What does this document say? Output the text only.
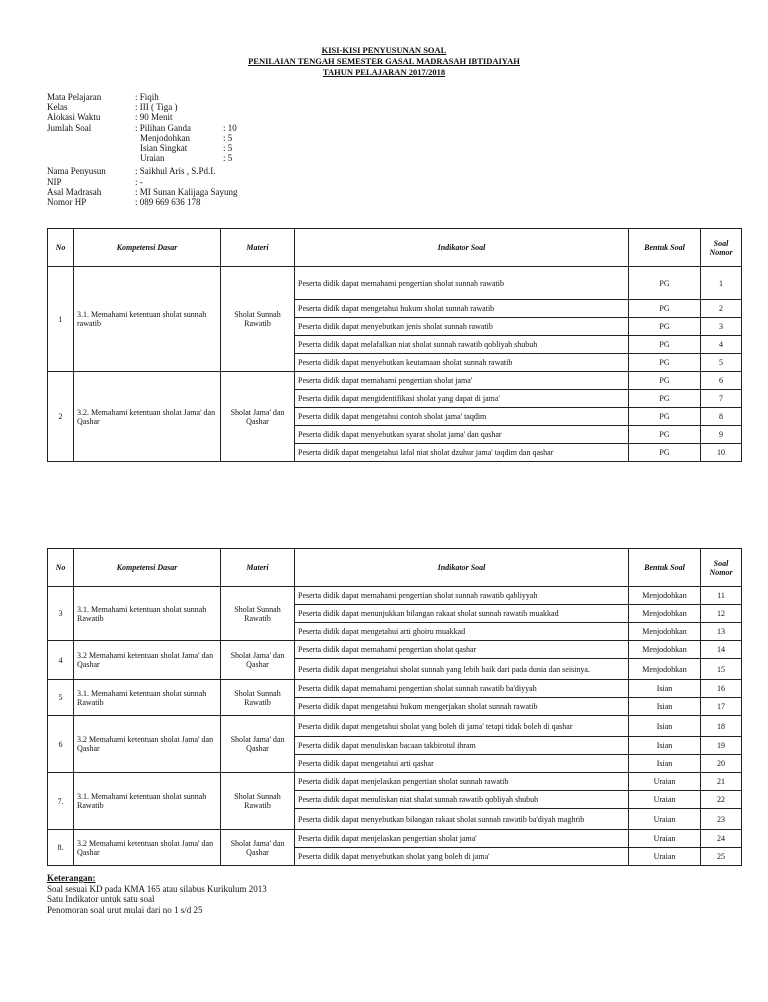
KISI-KISI PENYUSUNAN SOAL
PENILAIAN TENGAH SEMESTER GASAL MADRASAH IBTIDAIYAH
TAHUN PELAJARAN 2017/2018
Mata Pelajaran	: Fiqih
Kelas	: III ( Tiga )
Alokasi Waktu	: 90 Menit
Jumlah Soal	: Pilihan Ganda	: 10
Menjodohkan	: 5
Isian Singkat	: 5
Uraian	: 5
Nama Penyusun	: Saikhul Aris , S.Pd.I.
NIP	: -
Asal Madrasah	: MI Sunan Kalijaga Sayung
Nomor HP	: 089 669 636 178
No	Kompetensi Dasar	Materi	Indikator Soal	Bentuk Soal	Soal Nomor
1	3.1. Memahami ketentuan sholat sunnah rawatib	Sholat Sunnah Rawatib	Peserta didik dapat memahami pengertian sholat sunnah rawatib	PG	1
			Peserta didik dapat mengetahui hukum sholat sunnah rawatib	PG	2
			Peserta didik dapat menyebutkan jenis sholat sunnah rawatib	PG	3
			Peserta didik dapat melafalkan niat sholat sunnah rawatib qobliyah shubuh	PG	4
			Peserta didik dapat menyebutkan keutamaan sholat sunnah rawatib	PG	5
2	3.2. Memahami ketentuan sholat Jama' dan Qashar	Sholat Jama' dan Qashar	Peserta didik dapat memahami pengertian sholat jama'	PG	6
			Peserta didik dapat mengidentifikasi sholat yang dapat di jama'	PG	7
			Peserta didik dapat mengetahui contoh sholat jama' taqdim	PG	8
			Peserta didik dapat menyebutkan syarat sholat jama' dan qashar	PG	9
			Peserta didik dapat mengetahui lafal niat sholat dzuhur jama' taqdim dan qashar	PG	10
No	Kompetensi Dasar	Materi	Indikator Soal	Bentuk Soal	Soal Nomor
3	3.1. Memahami ketentuan sholat sunnah Rawatib	Sholat Sunnah Rawatib	Peserta didik dapat memahami pengertian sholat sunnah rawatib qabliyyah	Menjodohkan	11
			Peserta didik dapat menunjukkan bilangan rakaat sholat sunnah rawatib muakkad	Menjodohkan	12
			Peserta didik dapat mengetahui arti ghoiru muakkad	Menjodohkan	13
4	3.2 Memahami ketentuan sholat Jama' dan Qashar	Sholat Jama' dan Qashar	Peserta didik dapat memahami pengertian sholat qashar	Menjodohkan	14
			Peserta didik dapat mengetahui sholat sunnah yang lebih baik dari pada dunia dan seisinya.	Menjodohkan	15
5	3.1. Memahami ketentuan sholat sunnah Rawatib	Sholat Sunnah Rawatib	Peserta didik dapat memahami pengertian sholat sunnah rawatib ba'diyyah	Isian	16
			Peserta didik dapat mengetahui hukum mengerjakan sholat sunnah rawatib	Isian	17
6	3.2 Memahami ketentuan sholat Jama' dan Qashar	Sholat Jama' dan Qashar	Peserta didik dapat mengetahui sholat yang boleh di jama' tetapi tidak boleh di qashar	Isian	18
			Peserta didik dapat menuliskan bacaan takbirotul ihram	Isian	19
			Peserta didik dapat mengetahui arti qashar	Isian	20
7.	3.1. Memahami ketentuan sholat sunnah Rawatib	Sholat Sunnah Rawatib	Peserta didik dapat menjelaskan pengertian sholat sunnah rawatib	Uraian	21
			Peserta didik dapat menuliskan niat shalat sunnah rawatib qobliyah shubuh	Uraian	22
			Peserta didik dapat menyebutkan bilangan rakaat sholat sunnah rawatib ba'diyah maghrib	Uraian	23
8.	3.2 Memahami ketentuan sholat Jama' dan Qashar	Sholat Jama' dan Qashar	Peserta didik dapat menjelaskan pengertian sholat jama'	Uraian	24
			Peserta didik dapat menyebutkan sholat yang boleh di jama'	Uraian	25
Keterangan:
Soal sesuai KD pada KMA 165 atau silabus Kurikulum 2013
Satu Indikator untuk satu soal
Penomoran soal urut mulai dari no 1 s/d 25
